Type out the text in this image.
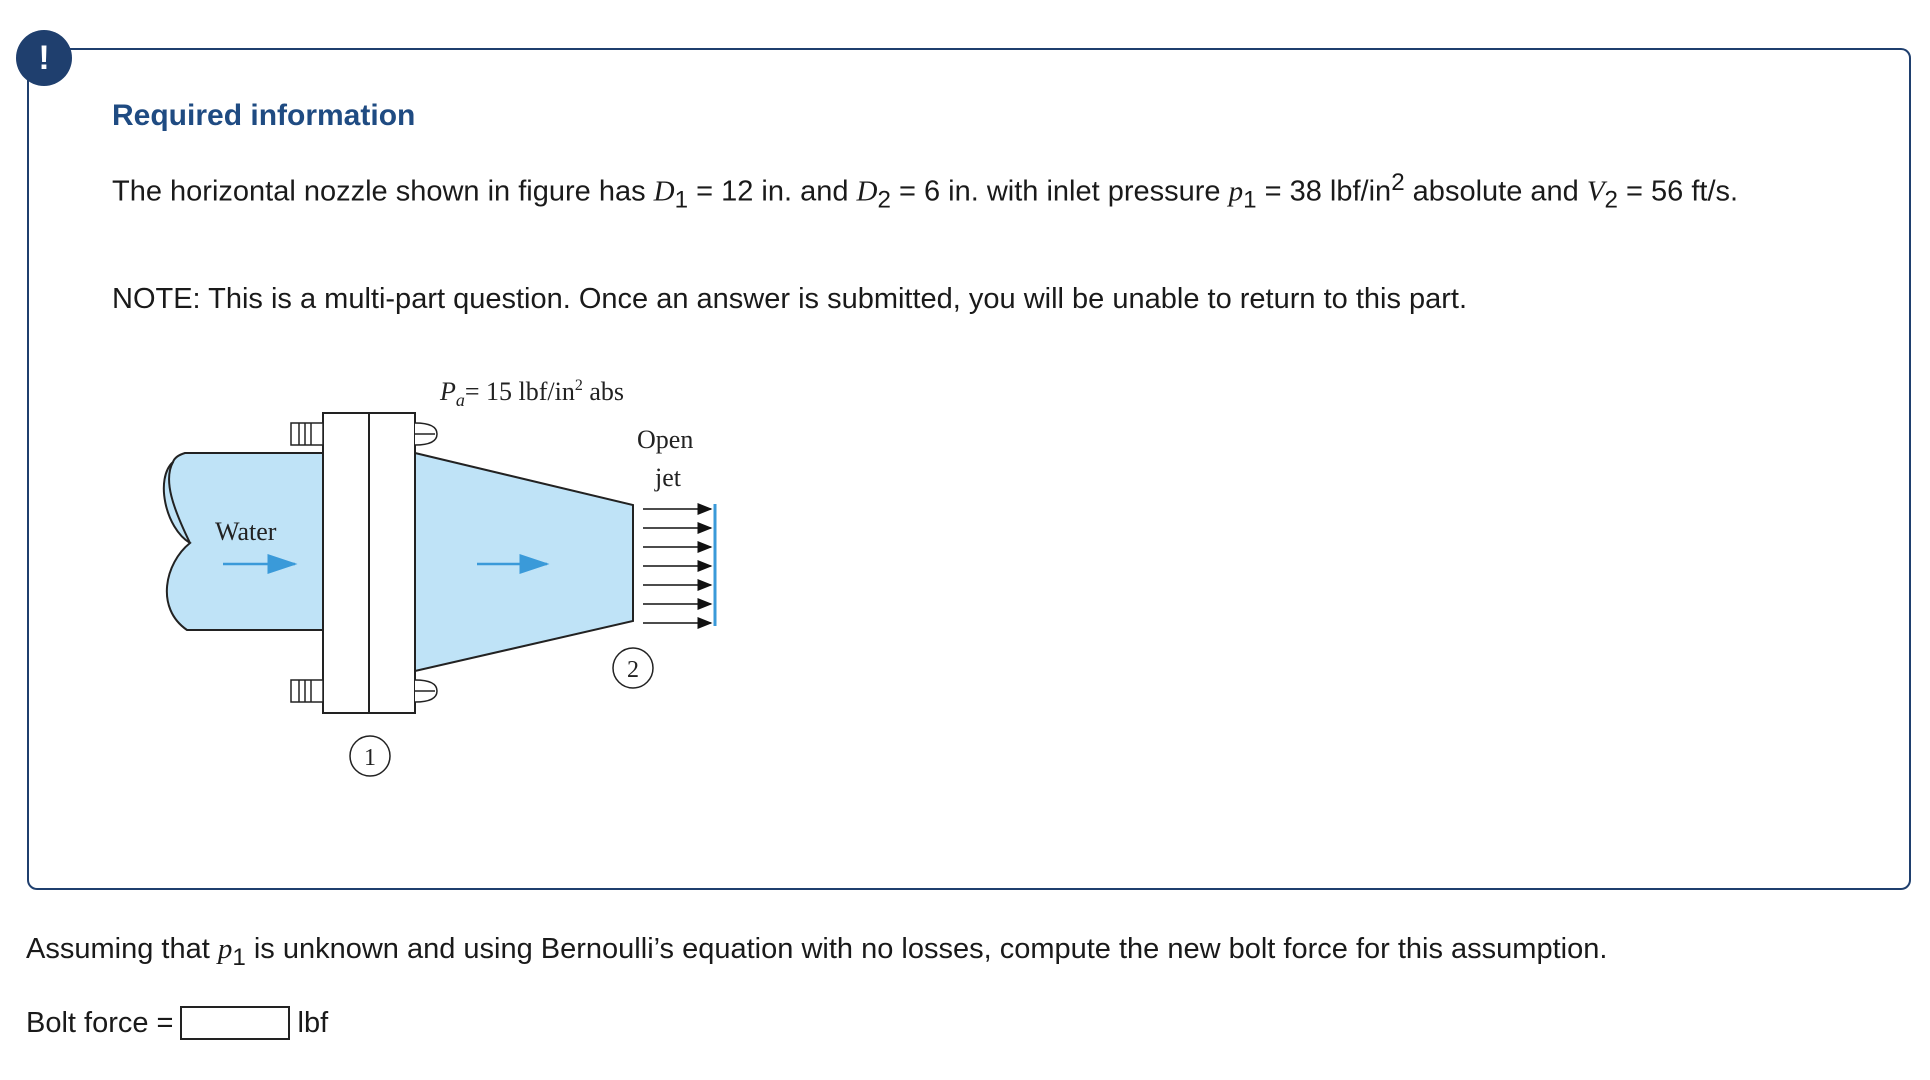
!
Required information

The horizontal nozzle shown in figure has $D_1 = 12$ in. and $D_2 = 6$ in. with inlet pressure $p_1 = 38$ lbf/$in^2$ absolute and $V_2 = 56$ ft/s.

NOTE: This is a multi-part question. Once an answer is submitted, you will be unable to return to this part.

$P_a= 15$ lbf/$in^2$ abs
Open
jet
Water
1
2

Assuming that $p_1$ is unknown and using Bernoulli’s equation with no losses, compute the new bolt force for this assumption.

Bolt force =	lbf
